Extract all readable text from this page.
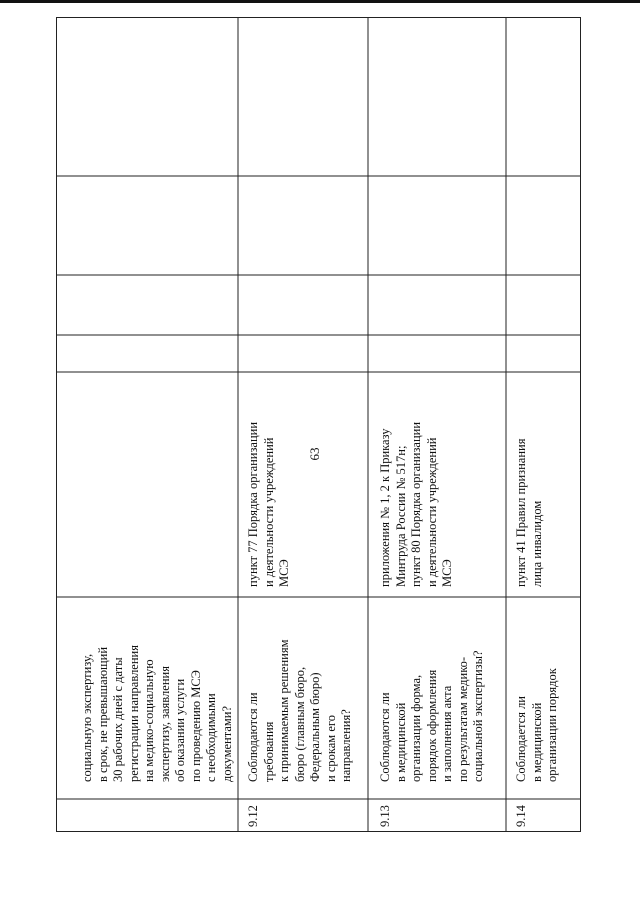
63
социальную экспертизу,
в срок, не превышающий
30 рабочих дней с даты
регистрации направления
на медико-социальную
экспертизу, заявления
об оказании услуги
по проведению МСЭ
с необходимыми
документами?
9.12
Соблюдаются ли
требования
к принимаемым решениям
бюро (главным бюро,
Федеральным бюро)
и срокам его
направления?
пункт 77 Порядка организации
и деятельности учреждений
МСЭ
9.13
Соблюдаются ли
в медицинской
организации форма,
порядок оформления
и заполнения акта
по результатам медико-
социальной экспертизы?
приложения № 1, 2 к Приказу
Минтруда России № 517н;
пункт 80 Порядка организации
и деятельности учреждений
МСЭ
9.14
Соблюдается ли
в медицинской
организации порядок
пункт 41 Правил признания
лица инвалидом
